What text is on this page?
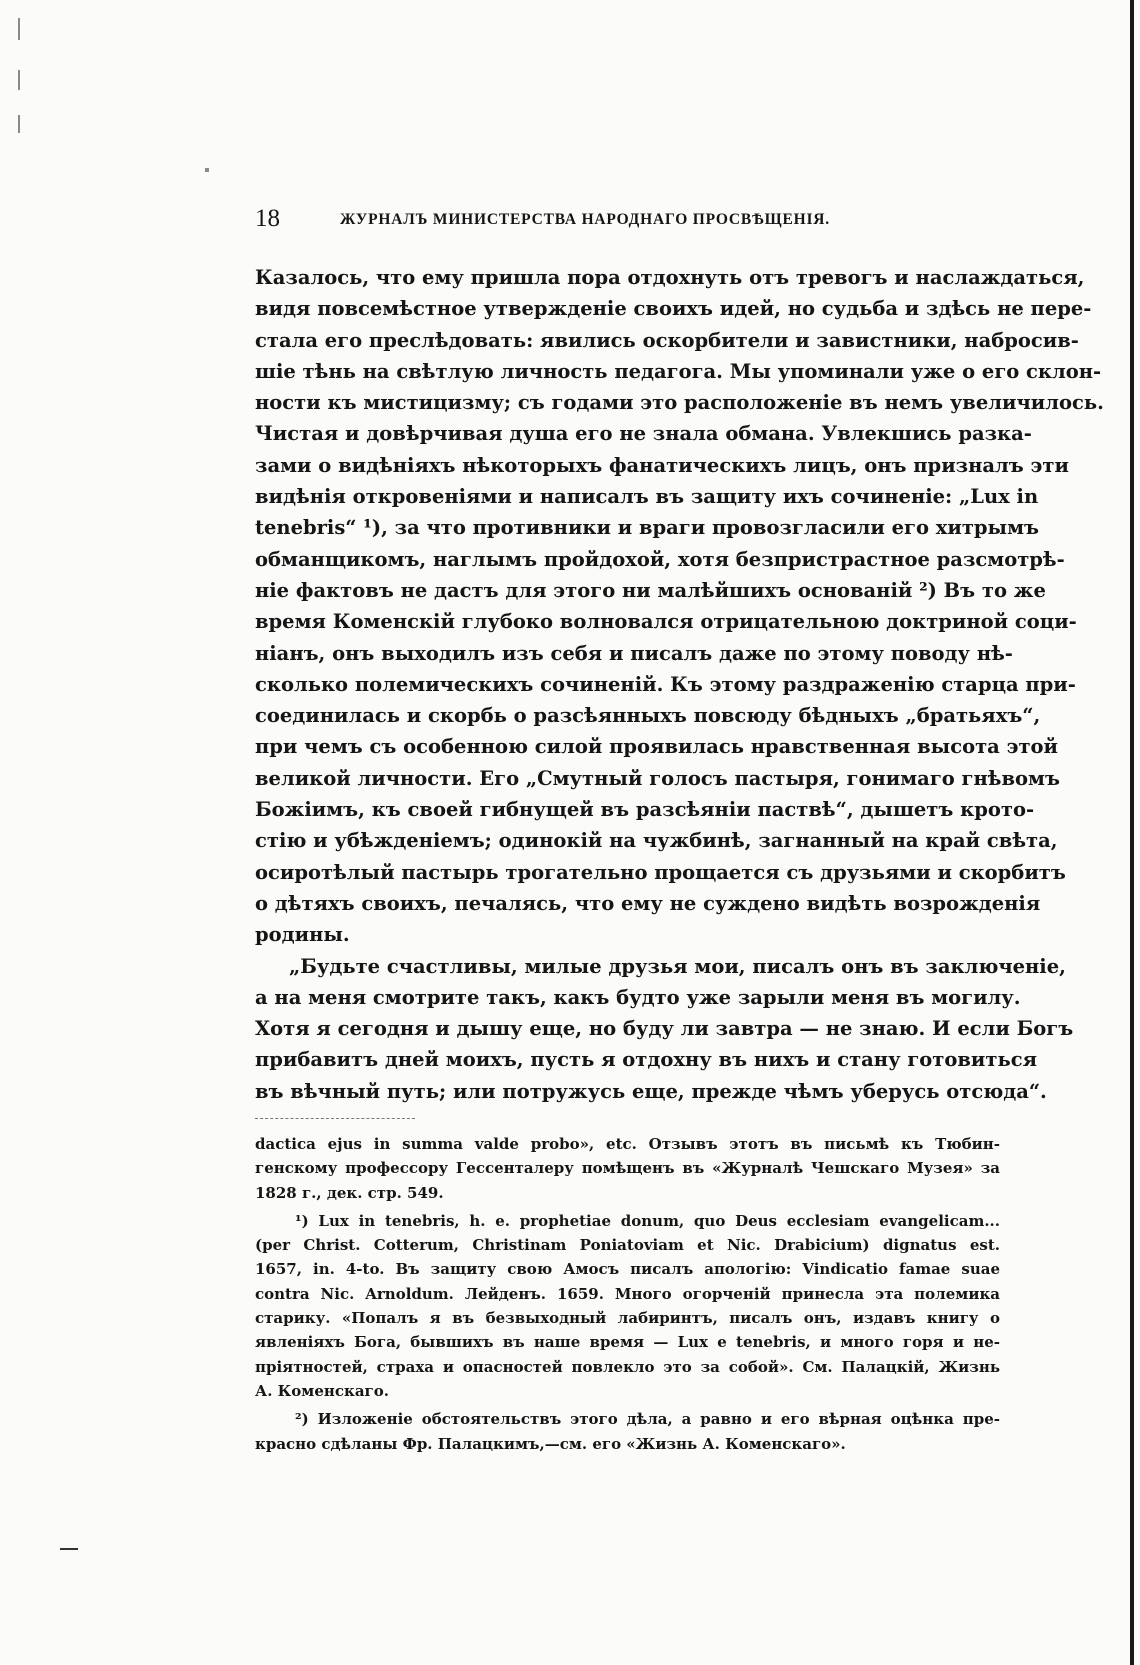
18	ЖУРНАЛЪ МИНИСТЕРСТВА НАРОДНАГО ПРОСВѢЩЕНІЯ.
Казалось, что ему пришла пора отдохнуть отъ тревогъ и наслаждаться,
видя повсемѣстное утвержденіе своихъ идей, но судьба и здѣсь не пере-
стала его преслѣдовать: явились оскорбители и завистники, набросив-
шіе тѣнь на свѣтлую личность педагога. Мы упоминали уже о его склон-
ности къ мистицизму; съ годами это расположеніе въ немъ увеличилось.
Чистая и довѣрчивая душа его не знала обмана. Увлекшись разка-
зами о видѣніяхъ нѣкоторыхъ фанатическихъ лицъ, онъ призналъ эти
видѣнія откровеніями и написалъ въ защиту ихъ сочиненіе: „Lux in
tenebris“ ¹), за что противники и враги провозгласили его хитрымъ
обманщикомъ, наглымъ пройдохой, хотя безпристрастное разсмотрѣ-
ніе фактовъ не дастъ для этого ни малѣйшихъ основаній ²) Въ то же
время Коменскій глубоко волновался отрицательною доктриной соци-
ніанъ, онъ выходилъ изъ себя и писалъ даже по этому поводу нѣ-
сколько полемическихъ сочиненій. Къ этому раздраженію старца при-
соединилась и скорбь о разсѣянныхъ повсюду бѣдныхъ „братьяхъ“,
при чемъ съ особенною силой проявилась нравственная высота этой
великой личности. Его „Смутный голосъ пастыря, гонимаго гнѣвомъ
Божіимъ, къ своей гибнущей въ разсѣяніи паствѣ“, дышетъ крото-
стію и убѣжденіемъ; одинокій на чужбинѣ, загнанный на край свѣта,
осиротѣлый пастырь трогательно прощается съ друзьями и скорбитъ
о дѣтяхъ своихъ, печалясь, что ему не суждено видѣть возрожденія
родины.
„Будьте счастливы, милые друзья мои, писалъ онъ въ заключеніе,
а на меня смотрите такъ, какъ будто уже зарыли меня въ могилу.
Хотя я сегодня и дышу еще, но буду ли завтра — не знаю. И если Богъ
прибавитъ дней моихъ, пусть я отдохну въ нихъ и стану готовиться
въ вѣчный путь; или потружусь еще, прежде чѣмъ уберусь отсюда“.
dactica ejus in summa valde probo», etc. Отзывъ этотъ въ письмѣ къ Тюбин-
генскому профессору Гессенталеру помѣщенъ въ «Журналѣ Чешскаго Музея» за
1828 г., дек. стр. 549.
¹) Lux in tenebris, h. e. prophetiae donum, quo Deus ecclesiam evangelicam...
(per Christ. Cotterum, Christinam Poniatoviam et Nic. Drabicium) dignatus est.
1657, in. 4-to. Въ защиту свою Амосъ писалъ апологію: Vindicatio famae suae
contra Nic. Arnoldum. Лейденъ. 1659. Много огорченій принесла эта полемика
старику. «Попалъ я въ безвыходный лабиринтъ, писалъ онъ, издавъ книгу о
явленіяхъ Бога, бывшихъ въ наше время — Lux e tenebris, и много горя и не-
пріятностей, страха и опасностей повлекло это за собой». См. Палацкій, Жизнь
А. Коменскаго.
²) Изложеніе обстоятельствъ этого дѣла, а равно и его вѣрная оцѣнка пре-
красно сдѣланы Фр. Палацкимъ,—см. его «Жизнь А. Коменскаго».
